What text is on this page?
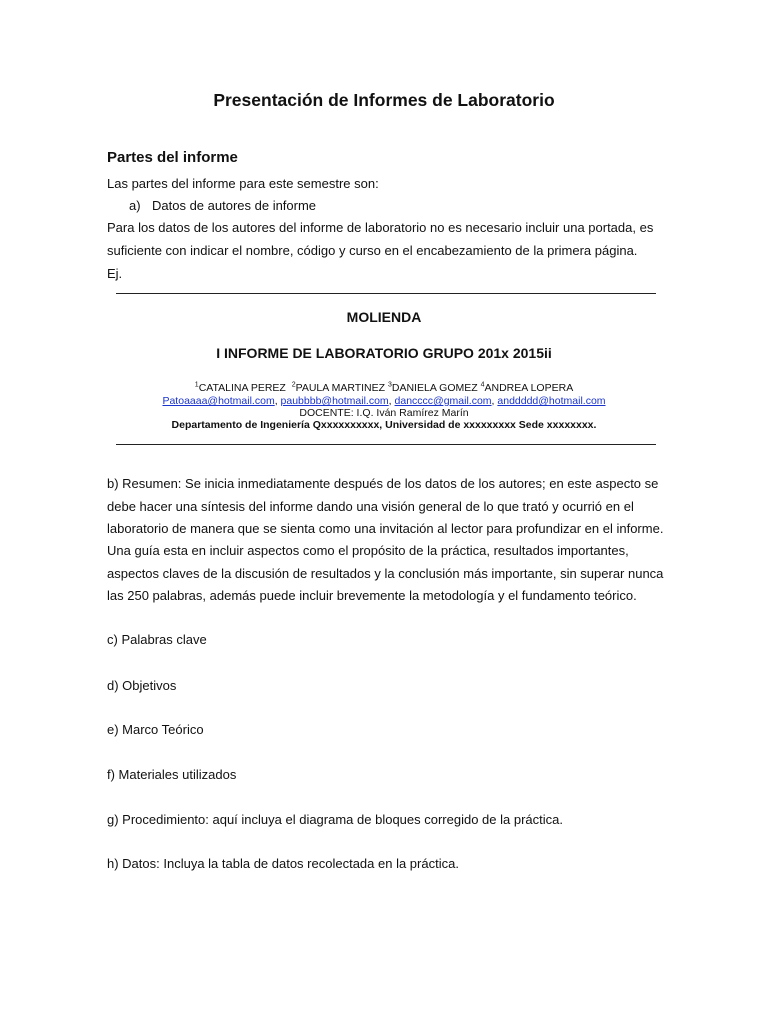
Presentación de Informes de Laboratorio
Partes del informe
Las partes del informe para este semestre son:
a) Datos de autores de informe
Para los datos de los autores del informe de laboratorio no es necesario incluir una portada, es
suficiente con indicar el nombre, código y curso en el encabezamiento de la primera página.
Ej.
MOLIENDA
I INFORME DE LABORATORIO GRUPO 201x 2015ii
$^1$CATALINA PEREZ $^2$PAULA MARTINEZ $^3$DANIELA GOMEZ $^4$ANDREA LOPERA
Patoaaaa@hotmail.com, paubbbb@hotmail.com, dancccc@gmail.com, anddddd@hotmail.com
DOCENTE: I.Q. Iván Ramírez Marín
Departamento de Ingeniería Qxxxxxxxxxx, Universidad de xxxxxxxxx Sede xxxxxxxx.
b) Resumen: Se inicia inmediatamente después de los datos de los autores; en este aspecto se
debe hacer una síntesis del informe dando una visión general de lo que trató y ocurrió en el
laboratorio de manera que se sienta como una invitación al lector para profundizar en el informe.
Una guía esta en incluir aspectos como el propósito de la práctica, resultados importantes,
aspectos claves de la discusión de resultados y la conclusión más importante, sin superar nunca
las 250 palabras, además puede incluir brevemente la metodología y el fundamento teórico.
c) Palabras clave
d) Objetivos
e) Marco Teórico
f) Materiales utilizados
g) Procedimiento: aquí incluya el diagrama de bloques corregido de la práctica.
h) Datos: Incluya la tabla de datos recolectada en la práctica.
